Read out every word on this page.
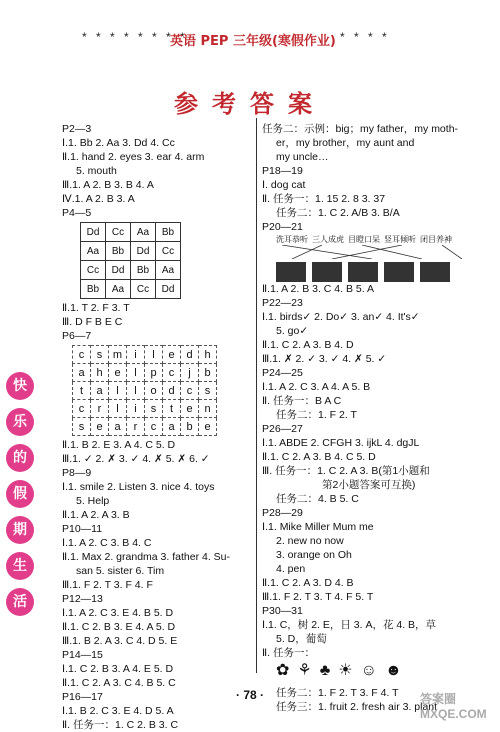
* * * * * * * *
英语 PEP 三年级(寒假作业) * * * *
参考答案
快
乐
的
假
期
生
活
P2—3
Ⅰ.1. Bb 2. Aa 3. Dd 4. Cc
Ⅱ.1. hand 2. eyes 3. ear 4. arm
5. mouth
Ⅲ.1. A 2. B 3. B 4. A
Ⅳ.1. A 2. B 3. A
P4—5
Dd	Cc	Aa	Bb
Aa	Bb	Dd	Cc
Cc	Dd	Bb	Aa
Bb	Aa	Cc	Dd
Ⅱ.1. T 2. F 3. T
Ⅲ. D F B E C
P6—7
c	s	m	i	l	e	d	h
a	h	e	l	p	c	j	b
t	a	l	l	o	d	c	s
c	r	l	i	s	t	e	n
s	e	a	r	c	a	b	e
Ⅱ.1. B 2. E 3. A 4. C 5. D
Ⅲ.1. ✓ 2. ✗ 3. ✓ 4. ✗ 5. ✗ 6. ✓
P8—9
Ⅰ.1. smile 2. Listen 3. nice 4. toys
5. Help
Ⅱ.1. A 2. A 3. B
P10—11
Ⅰ.1. A 2. C 3. B 4. C
Ⅱ.1. Max 2. grandma 3. father 4. Su-
san 5. sister 6. Tim
Ⅲ.1. F 2. T 3. F 4. F
P12—13
Ⅰ.1. A 2. C 3. E 4. B 5. D
Ⅱ.1. C 2. B 3. E 4. A 5. D
Ⅲ.1. B 2. A 3. C 4. D 5. E
P14—15
Ⅰ.1. C 2. B 3. A 4. E 5. D
Ⅱ.1. C 2. A 3. C 4. B 5. C
P16—17
Ⅰ.1. B 2. C 3. E 4. D 5. A
Ⅱ. 任务一：1. C 2. B 3. C
任务二：示例：big；my father，my moth-
er，my brother，my aunt and
my uncle…
P18—19
Ⅰ. dog cat
Ⅱ. 任务一：1. 15 2. 8 3. 37
任务二：1. C 2. A/B 3. B/A
P20—21
洗耳恭听 三人成虎 目瞪口呆 竖耳倾听 闭目养神
Ⅱ.1. A 2. B 3. C 4. B 5. A
P22—23
Ⅰ.1. birds✓ 2. Do✓ 3. an✓ 4. It's✓
5. go✓
Ⅱ.1. C 2. A 3. B 4. D
Ⅲ.1. ✗ 2. ✓ 3. ✓ 4. ✗ 5. ✓
P24—25
Ⅰ.1. A 2. C 3. A 4. A 5. B
Ⅱ. 任务一：B A C
任务二：1. F 2. T
P26—27
Ⅰ.1. ABDE 2. CFGH 3. ijkL 4. dgJL
Ⅱ.1. C 2. A 3. B 4. C 5. D
Ⅲ. 任务一：1. C 2. A 3. B(第1小题和
第2小题答案可互换)
任务二：4. B 5. C
P28—29
Ⅰ.1. Mike Miller Mum me
2. new no now
3. orange on Oh
4. pen
Ⅱ.1. C 2. A 3. D 4. B
Ⅲ.1. F 2. T 3. T 4. F 5. T
P30—31
Ⅰ.1. C，树 2. E，日 3. A，花 4. B，草
5. D，葡萄
Ⅱ. 任务一：
✿⚘♣☀☺☻
任务二：1. F 2. T 3. F 4. T
任务三：1. fruit 2. fresh air 3. plant
· 78 ·	答案圈 MXQE.COM
